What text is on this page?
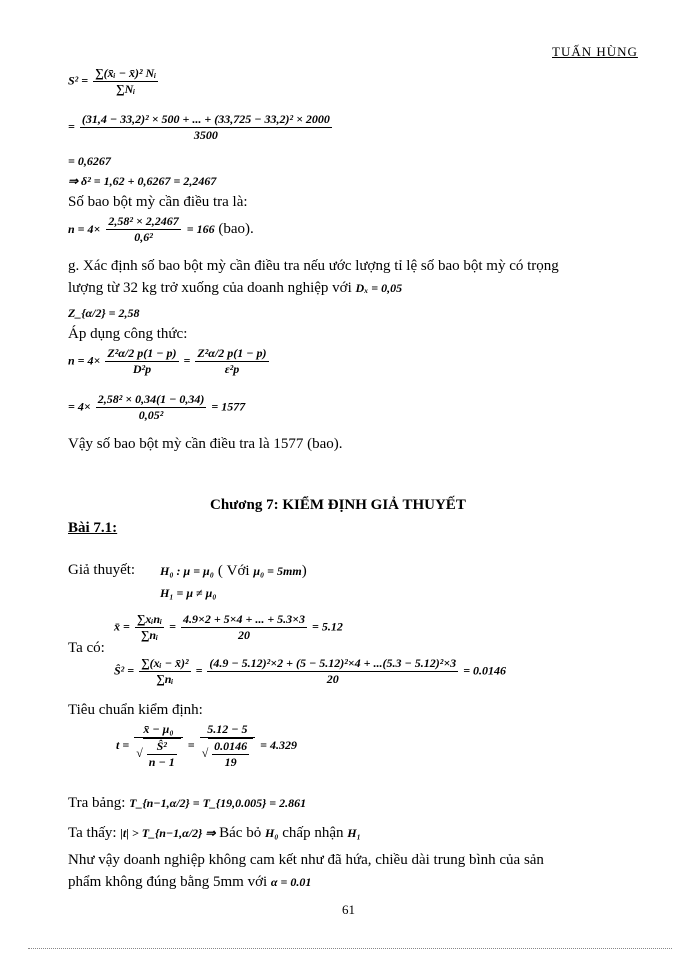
TUẤN HÙNG
$S^2 = \frac{\text{∑(x̄ᵢ − x̄)² Nᵢ}}{\text{∑Nᵢ}}$
= $\frac{\text{(31,4 − 33,2)² × 500 + ... + (33,725 − 33,2)² × 2000}}{3500}$
= 0,6267
⇒ δ² = 1,62 + 0,6267 = 2,2467
Số bao bột mỳ cần điều tra là:
$n = 4\times \frac{\text{2,58² × 2,2467}}{\text{0,6²}} = 166$ (bao).
g. Xác định số bao bột mỳ cần điều tra nếu ước lượng tỉ lệ số bao bột mỳ có trọng
lượng từ 32 kg trở xuống của doanh nghiệp với Dₓ = 0,05
Z_{α/2} = 2,58
Áp dụng công thức:
$n = 4\times \frac{\text{Z²α/2 p(1 − p)}}{\text{D²p}} = \frac{\text{Z²α/2 p(1 − p)}}{\text{ε²p}}$
= $4\times \frac{\text{2,58² × 0,34(1 − 0,34)}}{\text{0,05²}} = 1577$
Vậy số bao bột mỳ cần điều tra là 1577 (bao).
Chương 7: KIỂM ĐỊNH GIẢ THUYẾT
Bài 7.1:
Giả thuyết: H₀ : μ = μ₀ ( Với μ₀ = 5mm)
H₁ = μ ≠ μ₀
x̄ = $\frac{\text{∑xᵢnᵢ}}{\text{∑nᵢ}} = \frac{4.9\times 2 + 5\times 4 + ... + 5.3\times 3}{20} = 5.12$
Ta có:
Ŝ² = $\frac{\text{∑(xᵢ − x̄)²}}{\text{∑nᵢ}} = \frac{\text{(4.9 − 5.12)²×2 + (5 − 5.12)²×4 + ...(5.3 − 5.12)²×3}}{20} = 0.0146$
Tiêu chuẩn kiểm định:
$t = \frac{\text{x̄ − μ₀}}{√ \frac{\text{Ŝ²}}{n - 1}} = \frac{5.12 - 5}{√ \frac{0.0146}{19}} = 4.329$
Tra bảng: T_{n−1,α/2} = T_{19,0.005} = 2.861
Ta thấy: |t| > T_{n−1,α/2} ⇒ Bác bỏ H₀ chấp nhận H₁
Như vậy doanh nghiệp không cam kết như đã hứa, chiều dài trung bình của sản
phẩm không đúng bằng 5mm với α = 0.01
61
